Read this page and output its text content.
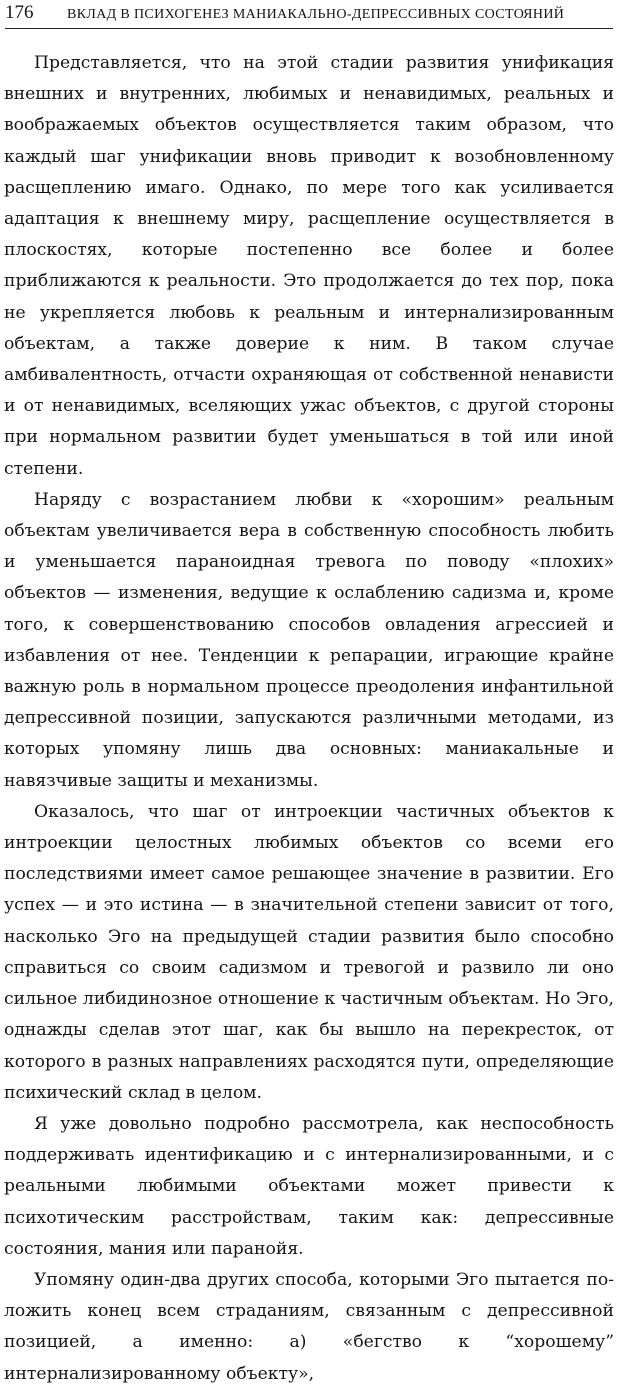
176	ВКЛАД В ПСИХОГЕНЕЗ МАНИАКАЛЬНО-ДЕПРЕССИВНЫХ СОСТОЯНИЙ

Представляется, что на этой стадии развития унификация внешних и внутренних, любимых и ненавидимых, реальных и воображаемых объектов осуществляется таким образом, что каждый шаг унификации вновь приводит к возобновленному расщеплению имаго. Однако, по мере того как усиливается адаптация к внешнему миру, расщепление осуществляется в плоскостях, которые постепенно все более и более приближаются к реальности. Это продолжается до тех пор, пока не укрепляется любовь к реальным и интернализированным объектам, а также доверие к ним. В таком случае амбивалентность, отчасти охраняющая от собственной ненависти и от ненавидимых, вселяющих ужас объектов, с другой стороны при нормальном развитии будет уменьшаться в той или иной степени.

Наряду с возрастанием любви к «хорошим» реальным объектам увеличивается вера в собственную способность любить и уменьшается параноидная тревога по поводу «плохих» объектов — изменения, ведущие к ослаблению садизма и, кроме того, к совершенствованию способов овладения агрессией и избавления от нее. Тенденции к репарации, играющие крайне важную роль в нормальном процессе преодоления инфантильной депрессивной позиции, запускаются различными методами, из которых упомяну лишь два основных: маниакальные и навязчивые защиты и механизмы.

Оказалось, что шаг от интроекции частичных объектов к интроекции целостных любимых объектов со всеми его последствиями имеет самое решающее значение в развитии. Его успех — и это истина — в значительной степени зависит от того, насколько Эго на предыдущей стадии развития было способно справиться со своим садизмом и тревогой и развило ли оно сильное либидинозное отношение к частичным объектам. Но Эго, однажды сделав этот шаг, как бы вышло на перекресток, от которого в разных направлениях расходятся пути, определяющие психический склад в целом.

Я уже довольно подробно рассмотрела, как неспособность поддерживать идентификацию и с интернализированными, и с реальными любимыми объектами может привести к психотическим расстройствам, таким как: депрессивные состояния, мания или паранойя.

Упомяну один-два других способа, которыми Эго пытается положить конец всем страданиям, связанным с депрессивной позицией, а именно: а) «бегство к “хорошему” интернализированному объекту»,
